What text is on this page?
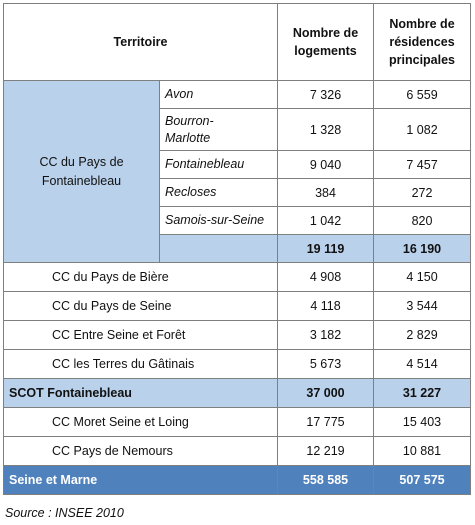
Territoire		Nombre de logements	Nombre de résidences principales
CC du Pays de Fontainebleau	Avon	7 326	6 559
	Bourron-Marlotte	1 328	1 082
	Fontainebleau	9 040	7 457
	Recloses	384	272
	Samois-sur-Seine	1 042	820
		19 119	16 190
CC du Pays de Bière		4 908	4 150
CC du Pays de Seine		4 118	3 544
CC Entre Seine et Forêt		3 182	2 829
CC les Terres du Gâtinais		5 673	4 514
SCOT Fontainebleau		37 000	31 227
CC Moret Seine et Loing		17 775	15 403
CC Pays de Nemours		12 219	10 881
Seine et Marne		558 585	507 575
Source : INSEE 2010
